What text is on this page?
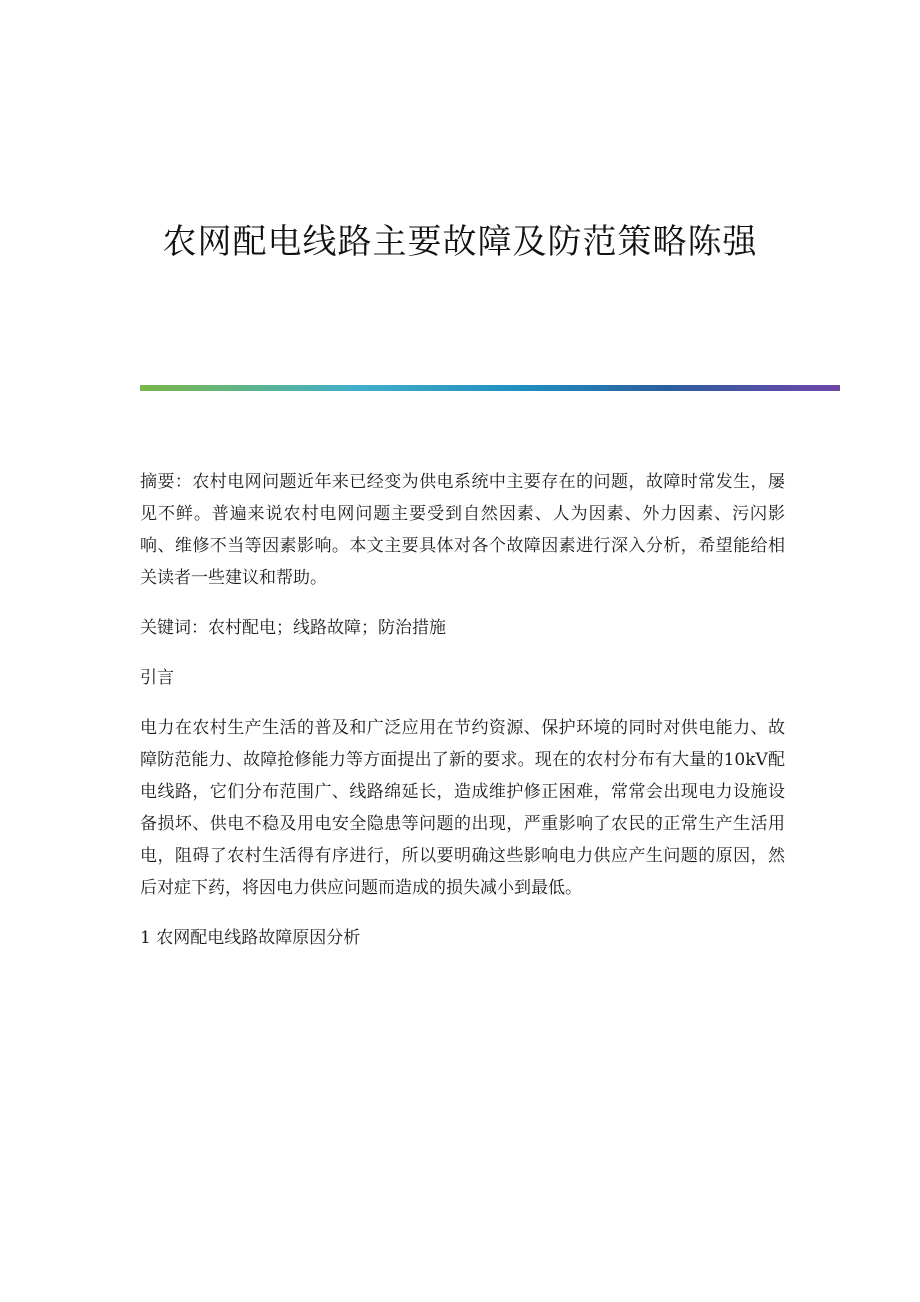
农网配电线路主要故障及防范策略陈强

摘要：农村电网问题近年来已经变为供电系统中主要存在的问题，故障时常发生，屡见不鲜。普遍来说农村电网问题主要受到自然因素、人为因素、外力因素、污闪影响、维修不当等因素影响。本文主要具体对各个故障因素进行深入分析，希望能给相关读者一些建议和帮助。

关键词：农村配电；线路故障；防治措施

引言

电力在农村生产生活的普及和广泛应用在节约资源、保护环境的同时对供电能力、故障防范能力、故障抢修能力等方面提出了新的要求。现在的农村分布有大量的10kV配电线路，它们分布范围广、线路绵延长，造成维护修正困难，常常会出现电力设施设备损坏、供电不稳及用电安全隐患等问题的出现，严重影响了农民的正常生产生活用电，阻碍了农村生活得有序进行，所以要明确这些影响电力供应产生问题的原因，然后对症下药，将因电力供应问题而造成的损失减小到最低。

1 农网配电线路故障原因分析
